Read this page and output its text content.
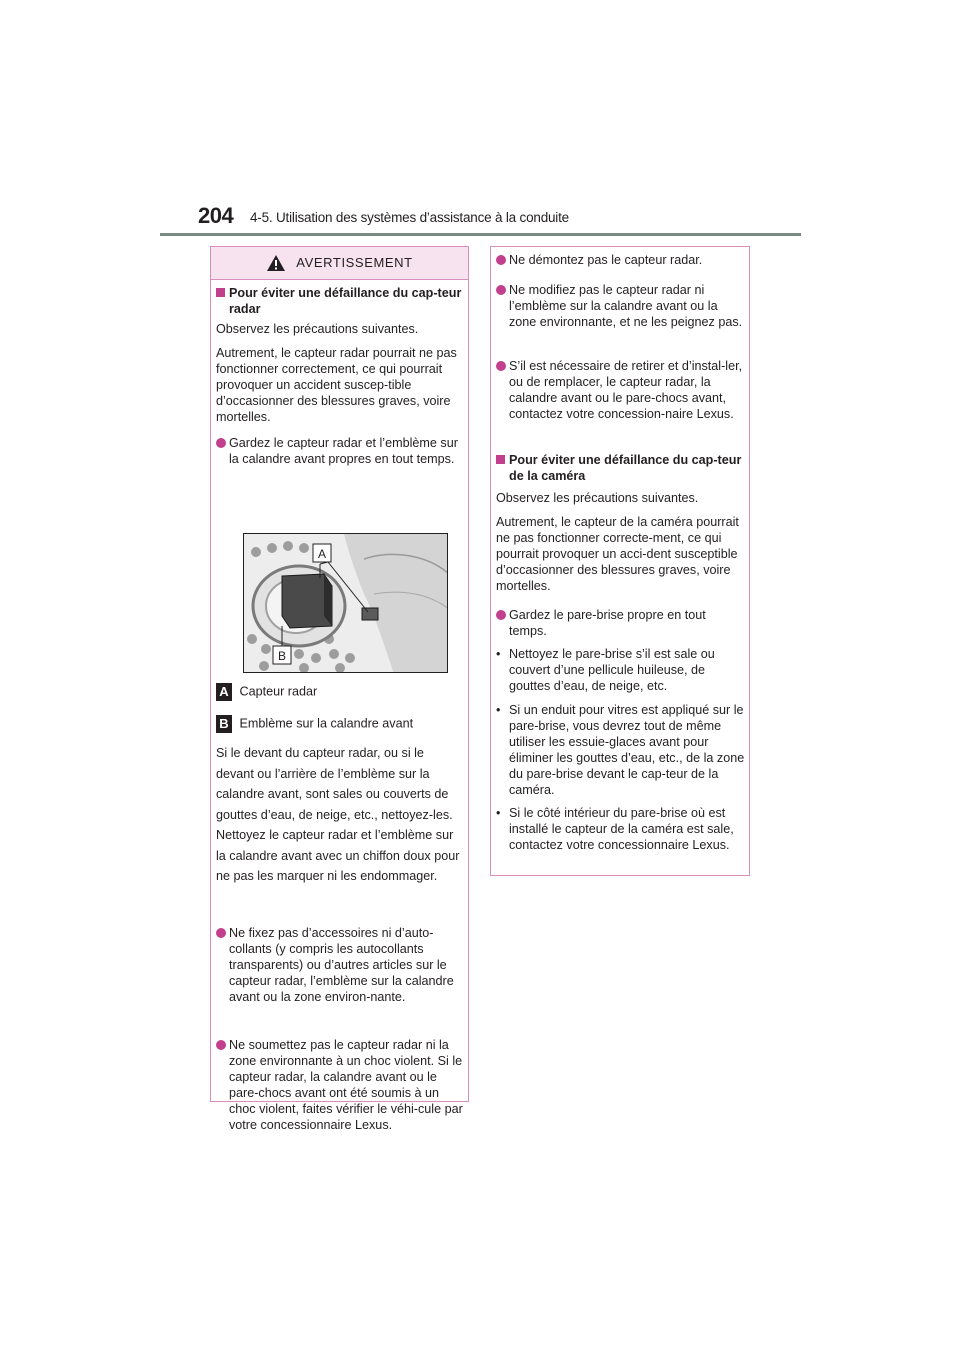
204 4-5. Utilisation des systèmes d’assistance à la conduite
AVERTISSEMENT
Pour éviter une défaillance du cap-teur radar
Observez les précautions suivantes.
Autrement, le capteur radar pourrait ne pas fonctionner correctement, ce qui pourrait provoquer un accident suscep-tible d’occasionner des blessures graves, voire mortelles.
Gardez le capteur radar et l’emblème sur la calandre avant propres en tout temps.
A
B
A Capteur radar
B Emblème sur la calandre avant
Si le devant du capteur radar, ou si le devant ou l’arrière de l’emblème sur la calandre avant, sont sales ou couverts de gouttes d’eau, de neige, etc., nettoyez-les.
Nettoyez le capteur radar et l’emblème sur la calandre avant avec un chiffon doux pour ne pas les marquer ni les endommager.
Ne fixez pas d’accessoires ni d’auto-collants (y compris les autocollants transparents) ou d’autres articles sur le capteur radar, l’emblème sur la calandre avant ou la zone environ-nante.
Ne soumettez pas le capteur radar ni la zone environnante à un choc violent. Si le capteur radar, la calandre avant ou le pare-chocs avant ont été soumis à un choc violent, faites vérifier le véhi-cule par votre concessionnaire Lexus.
Ne démontez pas le capteur radar.
Ne modifiez pas le capteur radar ni l’emblème sur la calandre avant ou la zone environnante, et ne les peignez pas.
S’il est nécessaire de retirer et d’instal-ler, ou de remplacer, le capteur radar, la calandre avant ou le pare-chocs avant, contactez votre concession-naire Lexus.
Pour éviter une défaillance du cap-teur de la caméra
Observez les précautions suivantes.
Autrement, le capteur de la caméra pourrait ne pas fonctionner correcte-ment, ce qui pourrait provoquer un acci-dent susceptible d’occasionner des blessures graves, voire mortelles.
Gardez le pare-brise propre en tout temps.
• Nettoyez le pare-brise s’il est sale ou couvert d’une pellicule huileuse, de gouttes d’eau, de neige, etc.
• Si un enduit pour vitres est appliqué sur le pare-brise, vous devrez tout de même utiliser les essuie-glaces avant pour éliminer les gouttes d’eau, etc., de la zone du pare-brise devant le cap-teur de la caméra.
• Si le côté intérieur du pare-brise où est installé le capteur de la caméra est sale, contactez votre concessionnaire Lexus.
